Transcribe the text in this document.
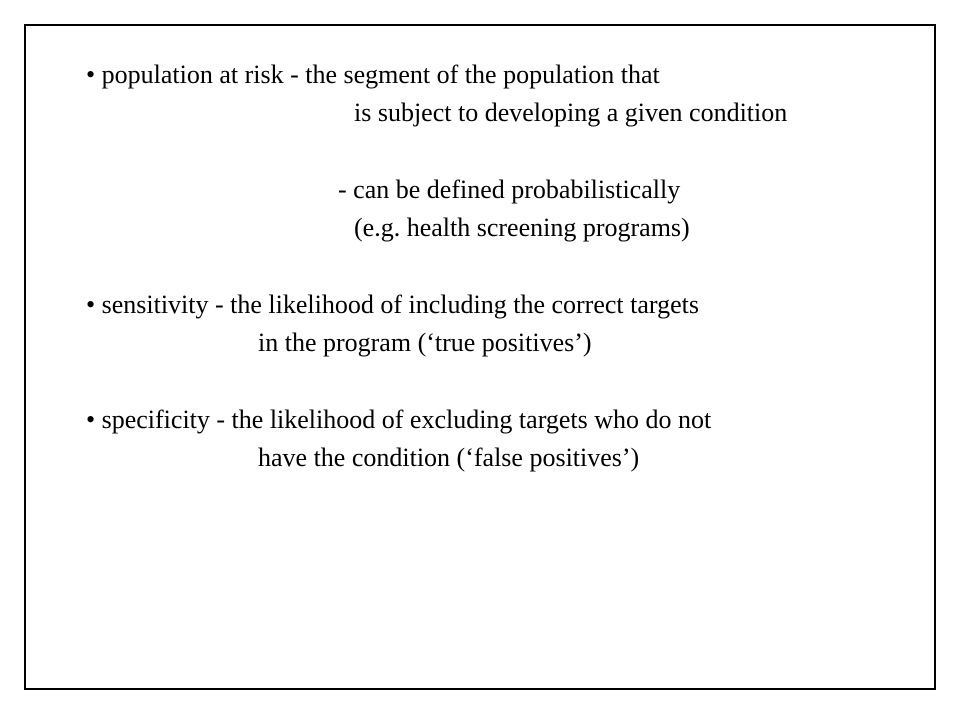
• population at risk - the segment of the population that
is subject to developing a given condition
- can be defined probabilistically
(e.g. health screening programs)
• sensitivity - the likelihood of including the correct targets
in the program (‘true positives’)
• specificity - the likelihood of excluding targets who do not
have the condition (‘false positives’)
